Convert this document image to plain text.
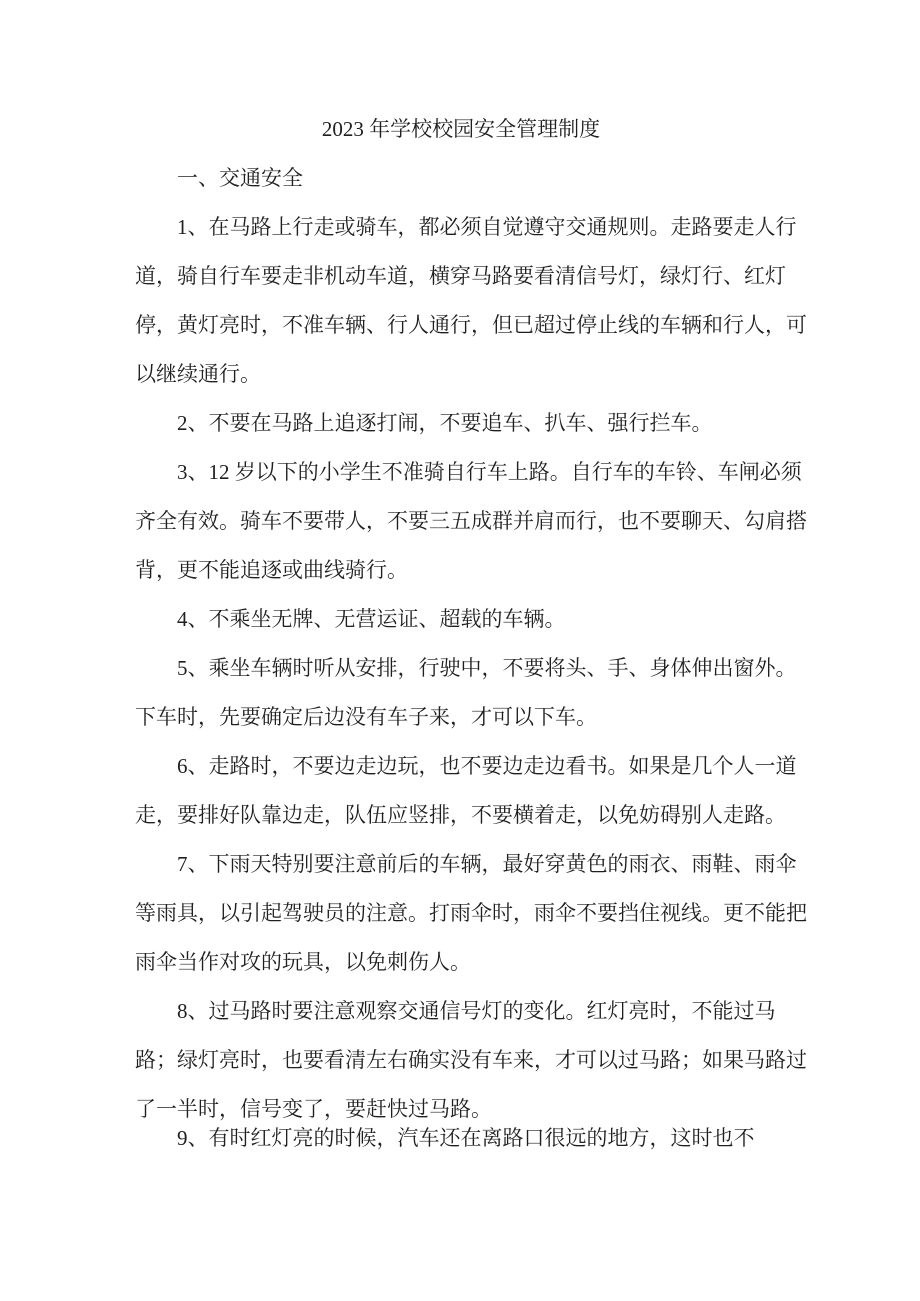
2023 年学校校园安全管理制度
一、交通安全
1、在马路上行走或骑车，都必须自觉遵守交通规则。走路要走人行
道，骑自行车要走非机动车道，横穿马路要看清信号灯，绿灯行、红灯
停，黄灯亮时，不准车辆、行人通行，但已超过停止线的车辆和行人，可
以继续通行。
2、不要在马路上追逐打闹，不要追车、扒车、强行拦车。
3、12 岁以下的小学生不准骑自行车上路。自行车的车铃、车闸必须
齐全有效。骑车不要带人，不要三五成群并肩而行，也不要聊天、勾肩搭
背，更不能追逐或曲线骑行。
4、不乘坐无牌、无营运证、超载的车辆。
5、乘坐车辆时听从安排，行驶中，不要将头、手、身体伸出窗外。
下车时，先要确定后边没有车子来，才可以下车。
6、走路时，不要边走边玩，也不要边走边看书。如果是几个人一道
走，要排好队靠边走，队伍应竖排，不要横着走，以免妨碍别人走路。
7、下雨天特别要注意前后的车辆，最好穿黄色的雨衣、雨鞋、雨伞
等雨具，以引起驾驶员的注意。打雨伞时，雨伞不要挡住视线。更不能把
雨伞当作对攻的玩具，以免刺伤人。
8、过马路时要注意观察交通信号灯的变化。红灯亮时，不能过马
路；绿灯亮时，也要看清左右确实没有车来，才可以过马路；如果马路过
了一半时，信号变了，要赶快过马路。
9、有时红灯亮的时候，汽车还在离路口很远的地方，这时也不
